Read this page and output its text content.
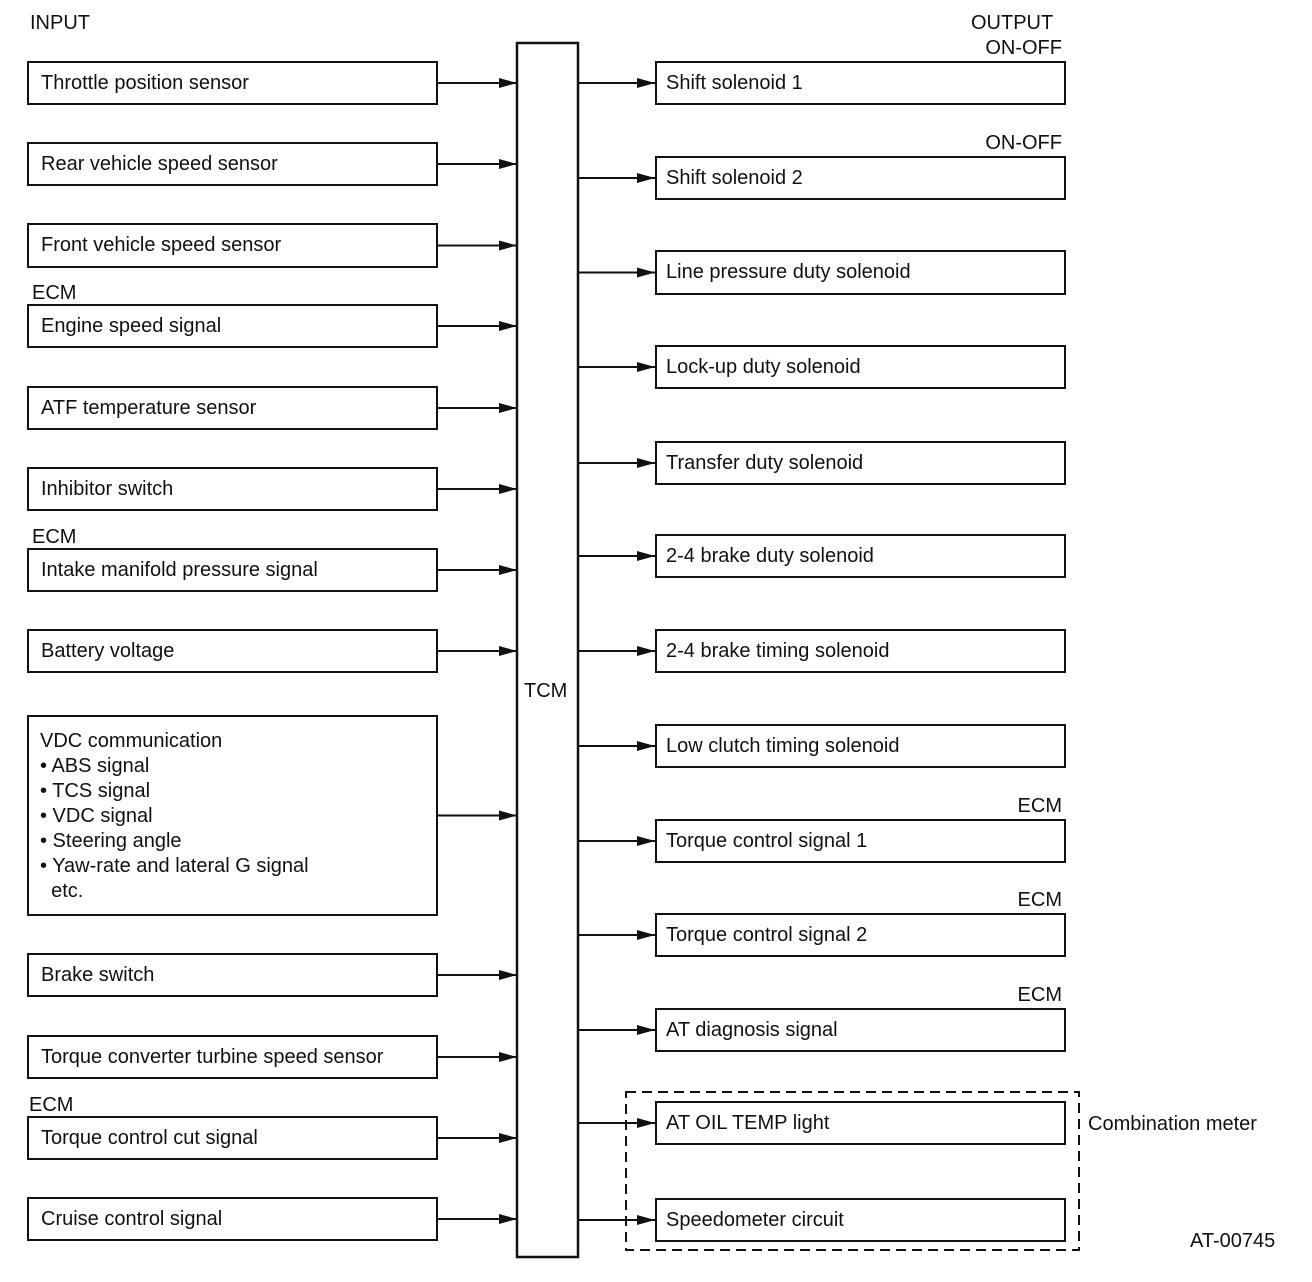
Throttle position sensor
Rear vehicle speed sensor
Front vehicle speed sensor
Engine speed signal
ECM
ATF temperature sensor
Inhibitor switch
Intake manifold pressure signal
ECM
Battery voltage
VDC communication
• ABS signal
• TCS signal
• VDC signal
• Steering angle
• Yaw-rate and lateral G signal
etc.
Brake switch
Torque converter turbine speed sensor
Torque control cut signal
ECM
Cruise control signal
Shift solenoid 1
ON-OFF
Shift solenoid 2
ON-OFF
Line pressure duty solenoid
Lock-up duty solenoid
Transfer duty solenoid
2-4 brake duty solenoid
2-4 brake timing solenoid
Low clutch timing solenoid
Torque control signal 1
ECM
Torque control signal 2
ECM
AT diagnosis signal
ECM
AT OIL TEMP light
Speedometer circuit
INPUT	OUTPUT
TCM
Combination meter
AT-00745
